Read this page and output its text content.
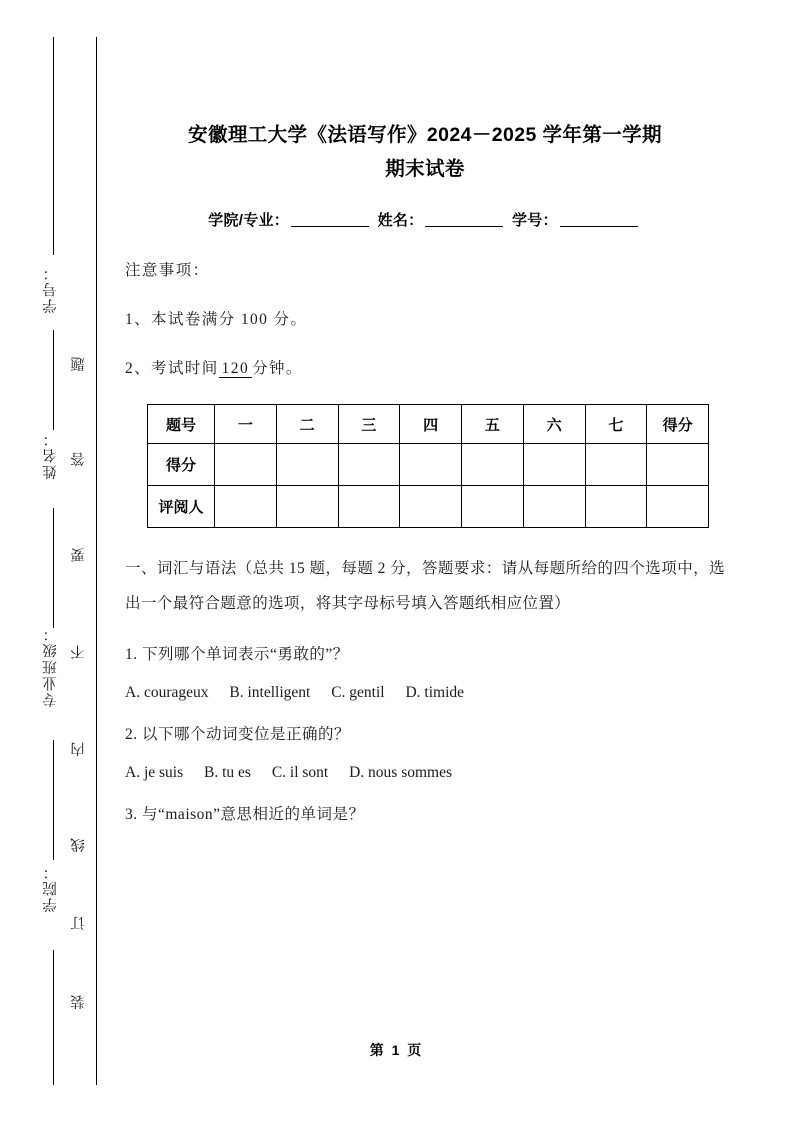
学号：
姓名：
专业班级：
学院：
题
答
要
不
内
线
订
装
安徽理工大学《法语写作》2024－2025 学年第一学期
期末试卷
学院/专业：	姓名：	学号：

注意事项：

1、本试卷满分 100 分。

2、考试时间 120 分钟。

题号	一	二	三	四	五	六	七	得分
得分								
评阅人								

一、词汇与语法（总共 15 题，每题 2 分，答题要求：请从每题所给的四个选项中，选出一个最符合题意的选项，将其字母标号填入答题纸相应位置）

1. 下列哪个单词表示“勇敢的”？

A. courageux B. intelligent C. gentil D. timide

2. 以下哪个动词变位是正确的？

A. je suis B. tu es C. il sont D. nous sommes

3. 与“maison”意思相近的单词是？

第 1 页
